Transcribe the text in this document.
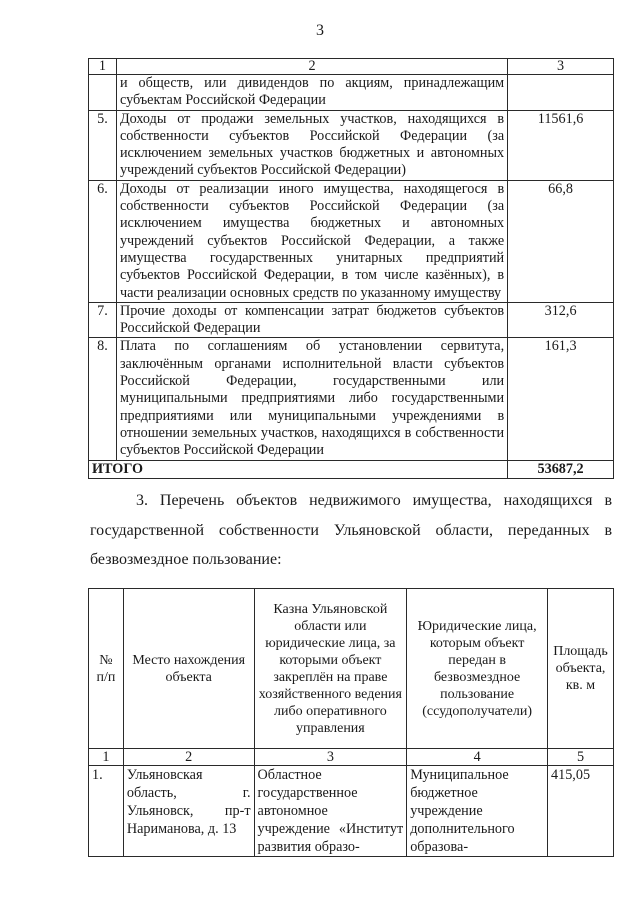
3
1	2	3
	и обществ, или дивидендов по акциям, принадлежащим субъектам Российской Федерации	
5.	Доходы от продажи земельных участков, находящихся в собственности субъектов Российской Федерации (за исключением земельных участков бюджетных и автономных учреждений субъектов Российской Федерации)	11561,6
6.	Доходы от реализации иного имущества, находящегося в собственности субъектов Российской Федерации (за исключением имущества бюджетных и автономных учреждений субъектов Российской Федерации, а также имущества государственных унитарных предприятий субъектов Российской Федерации, в том числе казённых), в части реализации основных средств по указанному имуществу	66,8
7.	Прочие доходы от компенсации затрат бюджетов субъектов Российской Федерации	312,6
8.	Плата по соглашениям об установлении сервитута, заключённым органами исполнительной власти субъектов Российской Федерации, государственными или муниципальными предприятиями либо государственными предприятиями или муниципальными учреждениями в отношении земельных участков, находящихся в собственности субъектов Российской Федерации	161,3
ИТОГО		53687,2
3. Перечень объектов недвижимого имущества, находящихся в государственной собственности Ульяновской области, переданных в безвозмездное пользование:
№ п/п	Место нахождения объекта	Казна Ульяновской области или юридические лица, за которыми объект закреплён на праве хозяйственного ведения либо оперативного управления	Юридические лица, которым объект передан в безвозмездное пользование (ссудополучатели)	Площадь объекта, кв. м
1	2	3	4	5
1.	Ульяновская область, г. Ульяновск, пр-т Нариманова, д. 13	Областное государственное автономное учреждение «Институт развития образо-	Муниципальное бюджетное учреждение дополнительного образова-	415,05
